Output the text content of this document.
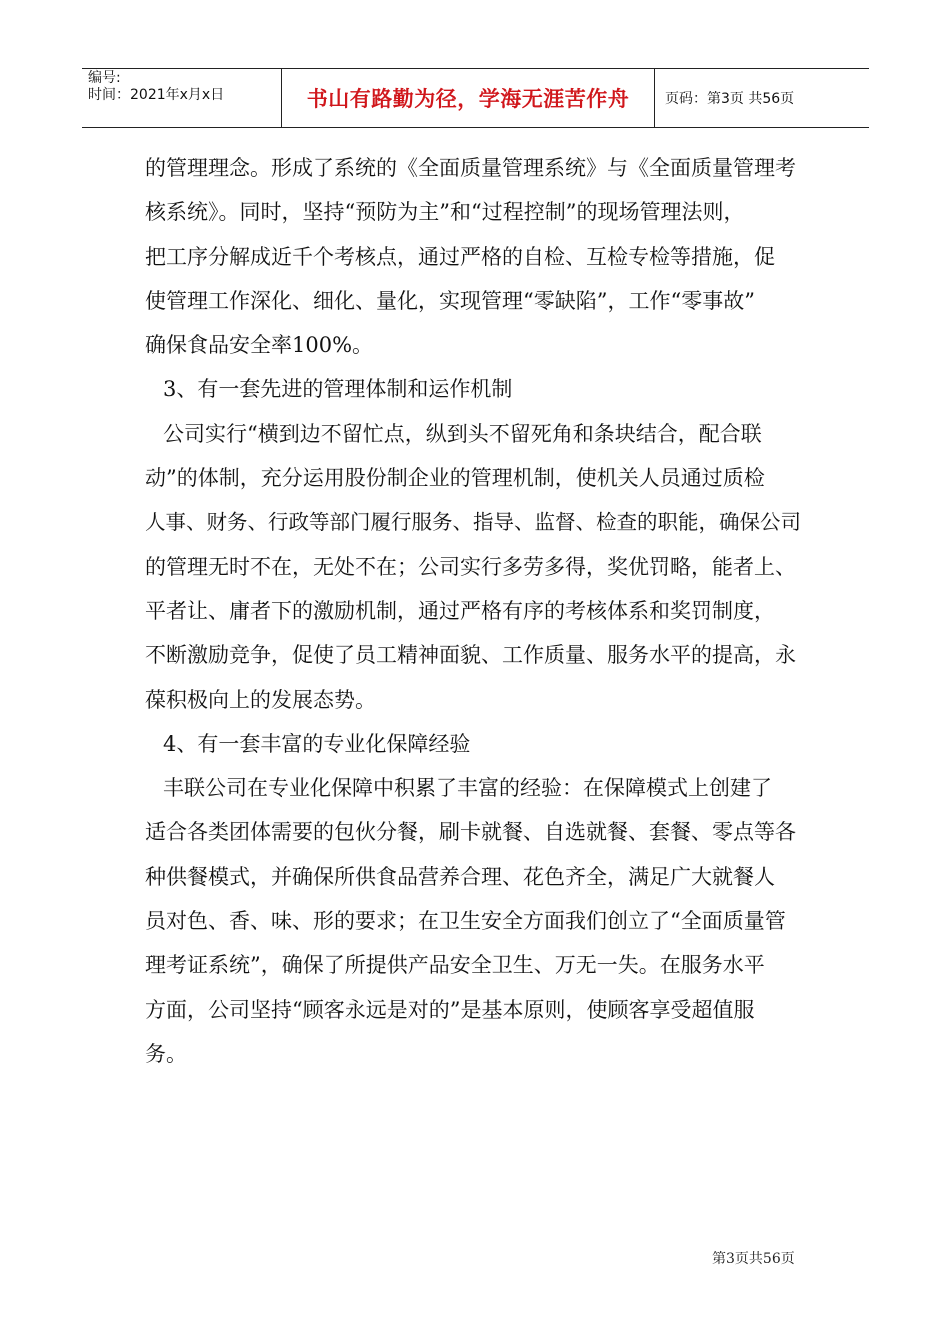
编号:
时间：2021年x月x日	书山有路勤为径，学海无涯苦作舟	页码：第3页 共56页
的管理理念。形成了系统的《全面质量管理系统》与《全面质量管理考
核系统》。同时，坚持“预防为主”和“过程控制”的现场管理法则，
把工序分解成近千个考核点，通过严格的自检、互检专检等措施，促
使管理工作深化、细化、量化，实现管理“零缺陷”，工作“零事故”
确保食品安全率100%。
3、有一套先进的管理体制和运作机制
公司实行“横到边不留忙点，纵到头不留死角和条块结合，配合联
动”的体制，充分运用股份制企业的管理机制，使机关人员通过质检
人事、财务、行政等部门履行服务、指导、监督、检查的职能，确保公司
的管理无时不在，无处不在；公司实行多劳多得，奖优罚略，能者上、
平者让、庸者下的激励机制，通过严格有序的考核体系和奖罚制度，
不断激励竞争，促使了员工精神面貌、工作质量、服务水平的提高，永
葆积极向上的发展态势。
4、有一套丰富的专业化保障经验
丰联公司在专业化保障中积累了丰富的经验：在保障模式上创建了
适合各类团体需要的包伙分餐，刷卡就餐、自选就餐、套餐、零点等各
种供餐模式，并确保所供食品营养合理、花色齐全，满足广大就餐人
员对色、香、味、形的要求；在卫生安全方面我们创立了“全面质量管
理考证系统”，确保了所提供产品安全卫生、万无一失。在服务水平
方面，公司坚持“顾客永远是对的”是基本原则，使顾客享受超值服
务。
第3页共56页
